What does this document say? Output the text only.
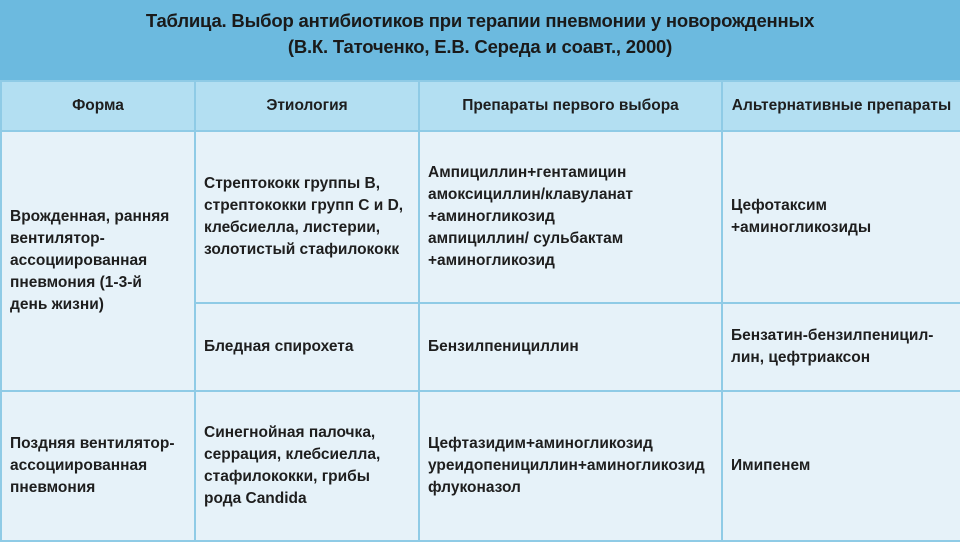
Таблица. Выбор антибиотиков при терапии пневмонии у новорожденных
(В.К. Таточенко, Е.В. Середа и соавт., 2000)
Форма	Этиология	Препараты первого выбора	Альтернативные препараты

Врожденная, ранняя
вентилятор-
ассоциированная
пневмония (1-3-й
день жизни)	Стрептококк группы В,
стрептококки групп С и D,
клебсиелла, листерии,
золотистый стафилококк	Ампициллин+гентамицин
амоксициллин/клавуланат
+аминогликозид
ампициллин/ сульбактам
+аминогликозид	Цефотаксим
+аминогликозиды

	Бледная спирохета	Бензилпенициллин	Бензатин-бензилпеницил-
лин, цефтриаксон

Поздняя вентилятор-
ассоциированная
пневмония	Синегнойная палочка,
серрация, клебсиелла,
стафилококки, грибы
рода Candida	Цефтазидим+аминогликозид
уреидопенициллин+аминогликозид
флуконазол	Имипенем
